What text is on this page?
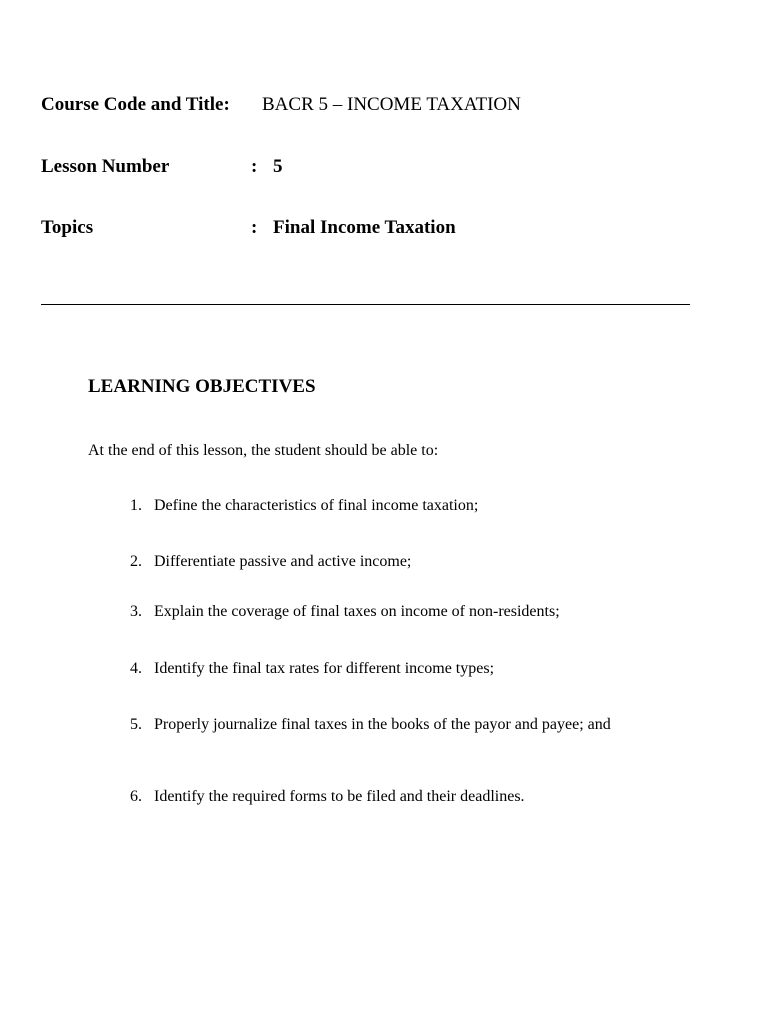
Course Code and Title: BACR 5 – INCOME TAXATION
Lesson Number	: 5
Topics	: Final Income Taxation
LEARNING OBJECTIVES
At the end of this lesson, the student should be able to:
1. Define the characteristics of final income taxation;
2. Differentiate passive and active income;
3. Explain the coverage of final taxes on income of non-residents;
4. Identify the final tax rates for different income types;
5. Properly journalize final taxes in the books of the payor and payee; and
6. Identify the required forms to be filed and their deadlines.
